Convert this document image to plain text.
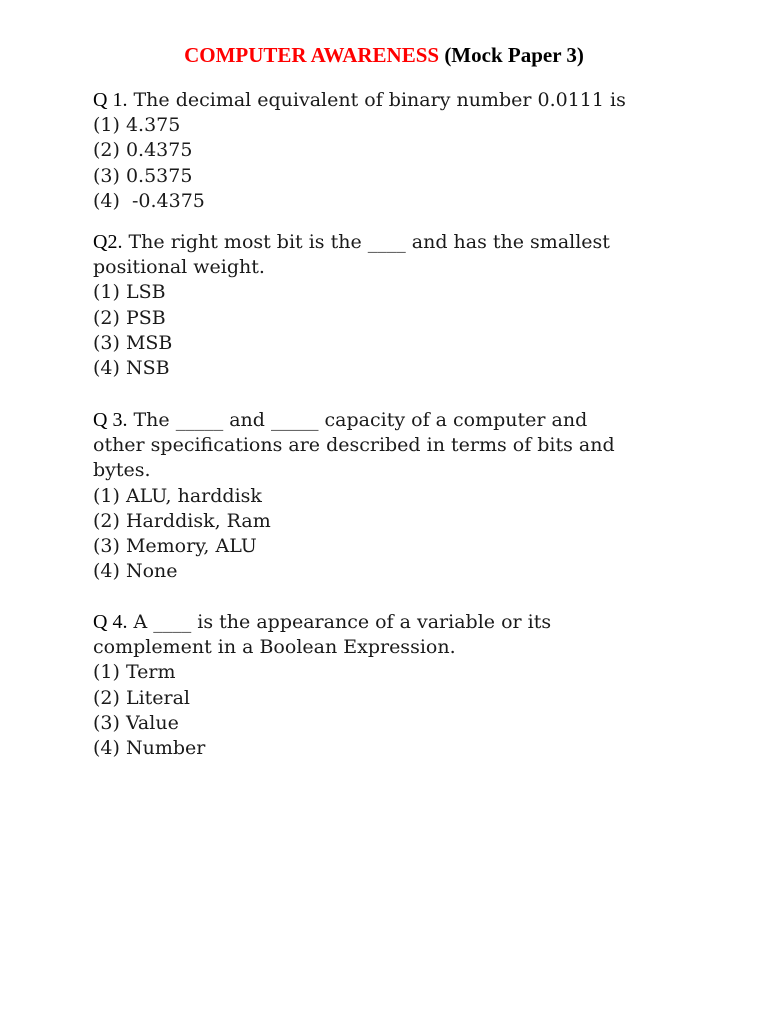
COMPUTER AWARENESS (Mock Paper 3)
Q 1. The decimal equivalent of binary number 0.0111 is
(1) 4.375
(2) 0.4375
(3) 0.5375
(4)  -0.4375
Q2. The right most bit is the ____ and has the smallest
positional weight.
(1) LSB
(2) PSB
(3) MSB
(4) NSB
Q 3. The _____ and _____ capacity of a computer and
other specifications are described in terms of bits and
bytes.
(1) ALU, harddisk
(2) Harddisk, Ram
(3) Memory, ALU
(4) None
Q 4. A ____ is the appearance of a variable or its
complement in a Boolean Expression.
(1) Term
(2) Literal
(3) Value
(4) Number
